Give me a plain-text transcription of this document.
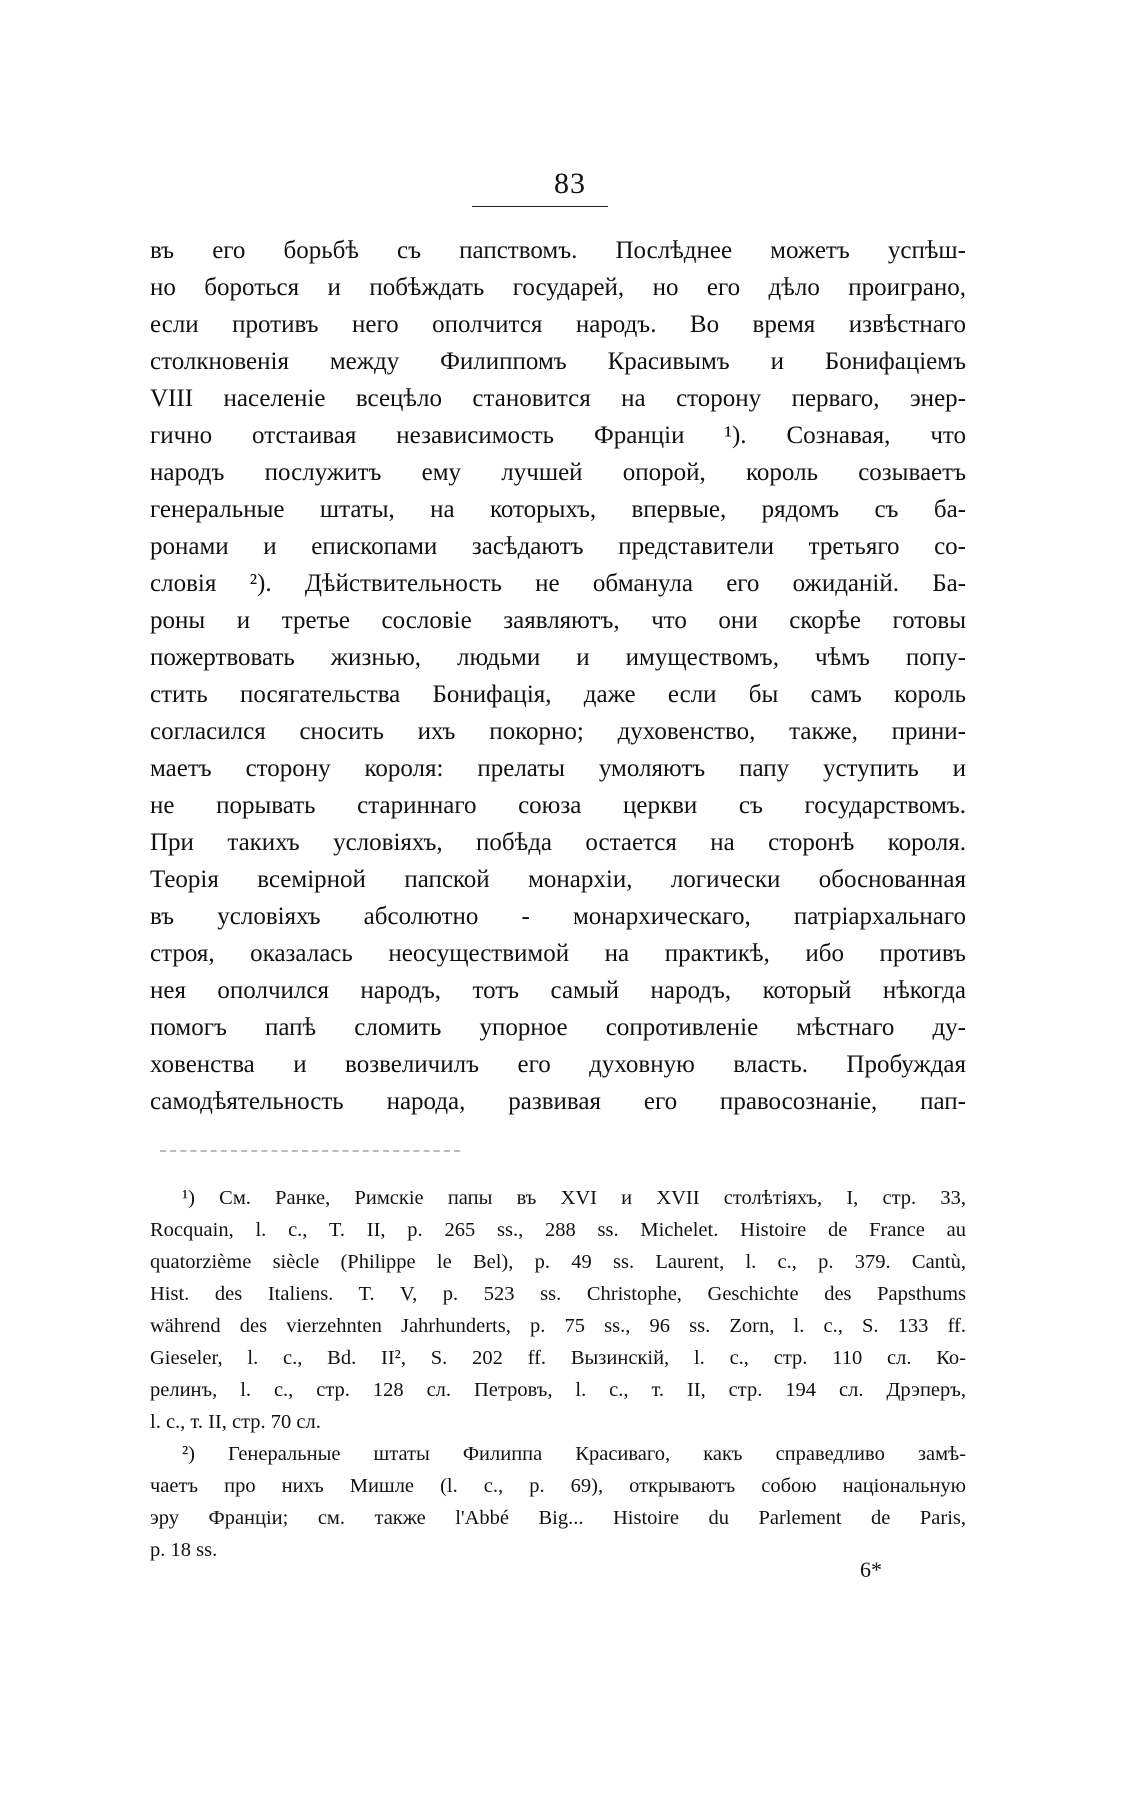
83
въ его борьбѣ съ папствомъ. Послѣднее можетъ успѣш-
но бороться и побѣждать государей, но его дѣло проиграно,
если противъ него ополчится народъ. Во время извѣстнаго
столкновенія между Филиппомъ Красивымъ и Бонифаціемъ
VIII населеніе всецѣло становится на сторону перваго, энер-
гично отстаивая независимость Франціи ¹). Сознавая, что
народъ послужитъ ему лучшей опорой, король созываетъ
генеральные штаты, на которыхъ, впервые, рядомъ съ ба-
ронами и епископами засѣдаютъ представители третьяго со-
словія ²). Дѣйствительность не обманула его ожиданій. Ба-
роны и третье сословіе заявляютъ, что они скорѣе готовы
пожертвовать жизнью, людьми и имуществомъ, чѣмъ попу-
стить посягательства Бонифація, даже если бы самъ король
согласился сносить ихъ покорно; духовенство, также, прини-
маетъ сторону короля: прелаты умоляютъ папу уступить и
не порывать стариннаго союза церкви съ государствомъ.
При такихъ условіяхъ, побѣда остается на сторонѣ короля.
Теорія всемірной папской монархіи, логически обоснованная
въ условіяхъ абсолютно - монархическаго, патріархальнаго
строя, оказалась неосуществимой на практикѣ, ибо противъ
нея ополчился народъ, тотъ самый народъ, который нѣкогда
помогъ папѣ сломить упорное сопротивленіе мѣстнаго ду-
ховенства и возвеличилъ его духовную власть. Пробуждая
самодѣятельность народа, развивая его правосознаніе, пап-
¹) См. Ранке, Римскіе папы въ XVI и XVII столѣтіяхъ, I, стр. 33,
Rocquain, l. c., T. II, p. 265 ss., 288 ss. Michelet. Histoire de France au
quatorzième siècle (Philippe le Bel), p. 49 ss. Laurent, l. c., p. 379. Cantù,
Hist. des Italiens. T. V, p. 523 ss. Christophe, Geschichte des Papsthums
während des vierzehnten Jahrhunderts, p. 75 ss., 96 ss. Zorn, l. c., S. 133 ff.
Gieseler, l. c., Bd. II², S. 202 ff. Вызинскій, l. c., стр. 110 сл. Ко-
релинъ, l. c., стр. 128 сл. Петровъ, l. c., т. II, стр. 194 сл. Дрэперъ,
l. c., т. II, стр. 70 сл.
²) Генеральные штаты Филиппа Красиваго, какъ справедливо замѣ-
чаетъ про нихъ Мишле (l. c., p. 69), открываютъ собою національную
эру Франціи; см. также l'Abbé Big... Histoire du Parlement de Paris,
p. 18 ss.
6*
